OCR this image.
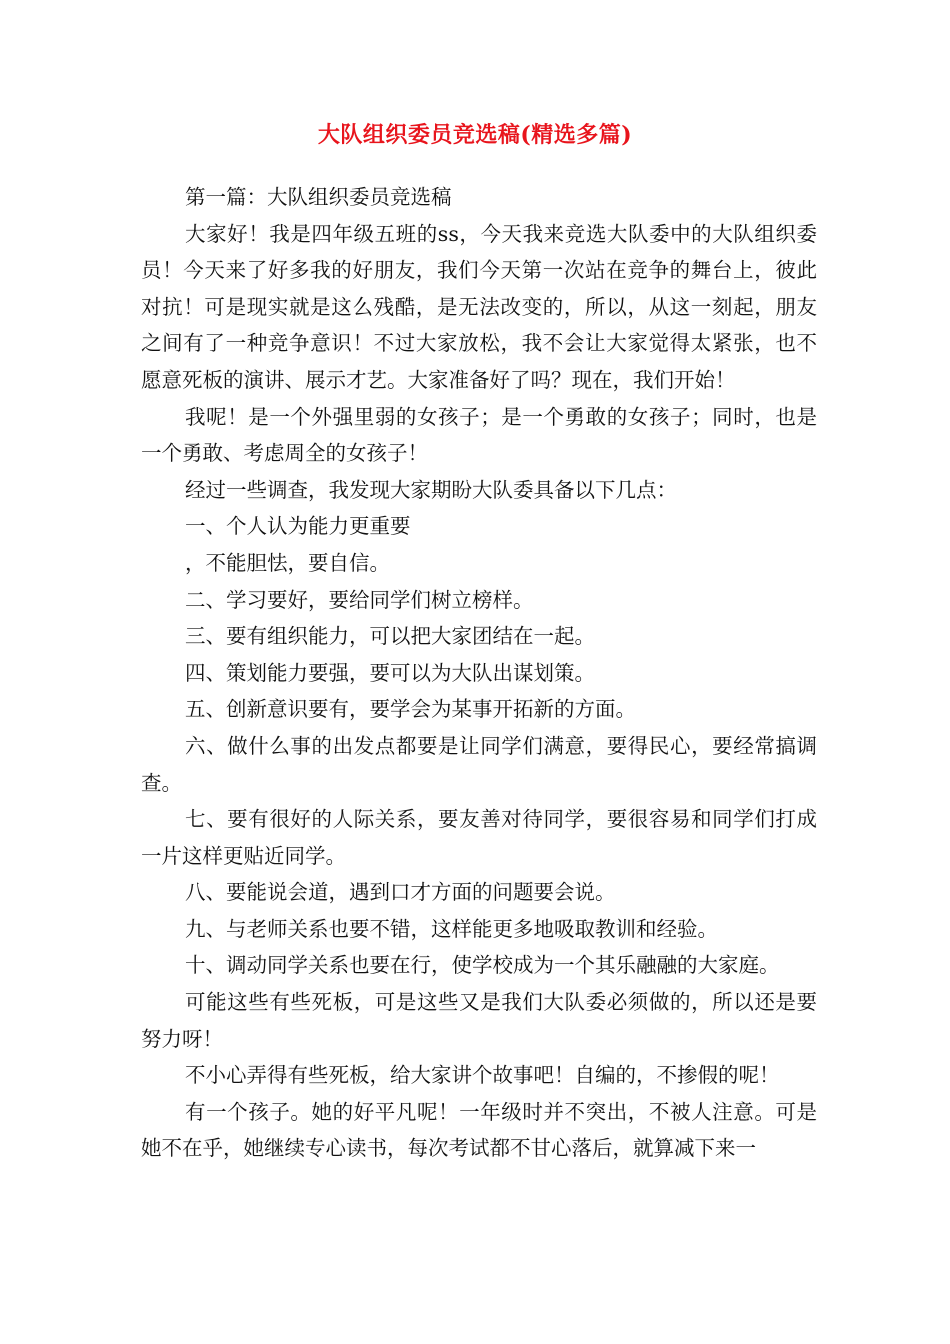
大队组织委员竞选稿(精选多篇)

第一篇：大队组织委员竞选稿

大家好！我是四年级五班的ss，今天我来竞选大队委中的大队组织委员！今天来了好多我的好朋友，我们今天第一次站在竞争的舞台上，彼此对抗！可是现实就是这么残酷，是无法改变的，所以，从这一刻起，朋友之间有了一种竞争意识！不过大家放松，我不会让大家觉得太紧张，也不愿意死板的演讲、展示才艺。大家准备好了吗？现在，我们开始！

我呢！是一个外强里弱的女孩子；是一个勇敢的女孩子；同时，也是一个勇敢、考虑周全的女孩子！

经过一些调查，我发现大家期盼大队委具备以下几点：

一、个人认为能力更重要

，不能胆怯，要自信。

二、学习要好，要给同学们树立榜样。

三、要有组织能力，可以把大家团结在一起。

四、策划能力要强，要可以为大队出谋划策。

五、创新意识要有，要学会为某事开拓新的方面。

六、做什么事的出发点都要是让同学们满意，要得民心，要经常搞调查。

七、要有很好的人际关系，要友善对待同学，要很容易和同学们打成一片这样更贴近同学。

八、要能说会道，遇到口才方面的问题要会说。

九、与老师关系也要不错，这样能更多地吸取教训和经验。

十、调动同学关系也要在行，使学校成为一个其乐融融的大家庭。

可能这些有些死板，可是这些又是我们大队委必须做的，所以还是要努力呀！

不小心弄得有些死板，给大家讲个故事吧！自编的，不掺假的呢！

有一个孩子。她的好平凡呢！一年级时并不突出，不被人注意。可是她不在乎，她继续专心读书，每次考试都不甘心落后，就算减下来一
